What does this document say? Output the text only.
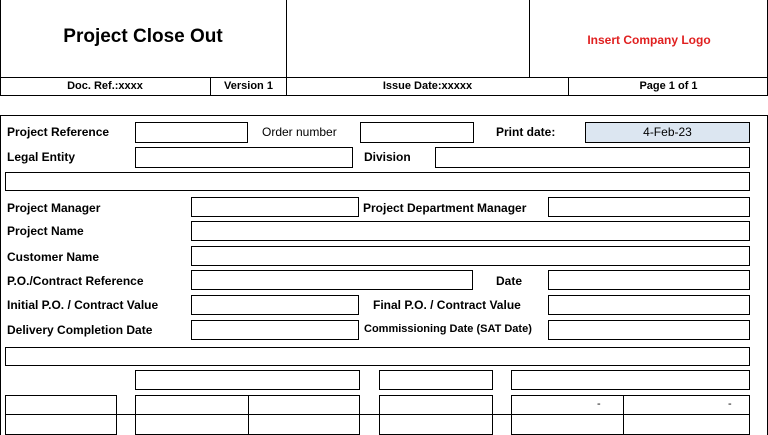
Project Close Out	Insert Company Logo
Doc. Ref.:xxxx	Version 1	Issue Date:xxxxx	Page 1 of 1
Project Reference	Order number	Print date:	4-Feb-23
Legal Entity	Division
Project Manager	Project Department Manager
Project Name
Customer Name
P.O./Contract Reference	Date
Initial P.O. / Contract Value	Final P.O. / Contract Value
Delivery Completion Date	Commissioning Date (SAT Date)
-	-
